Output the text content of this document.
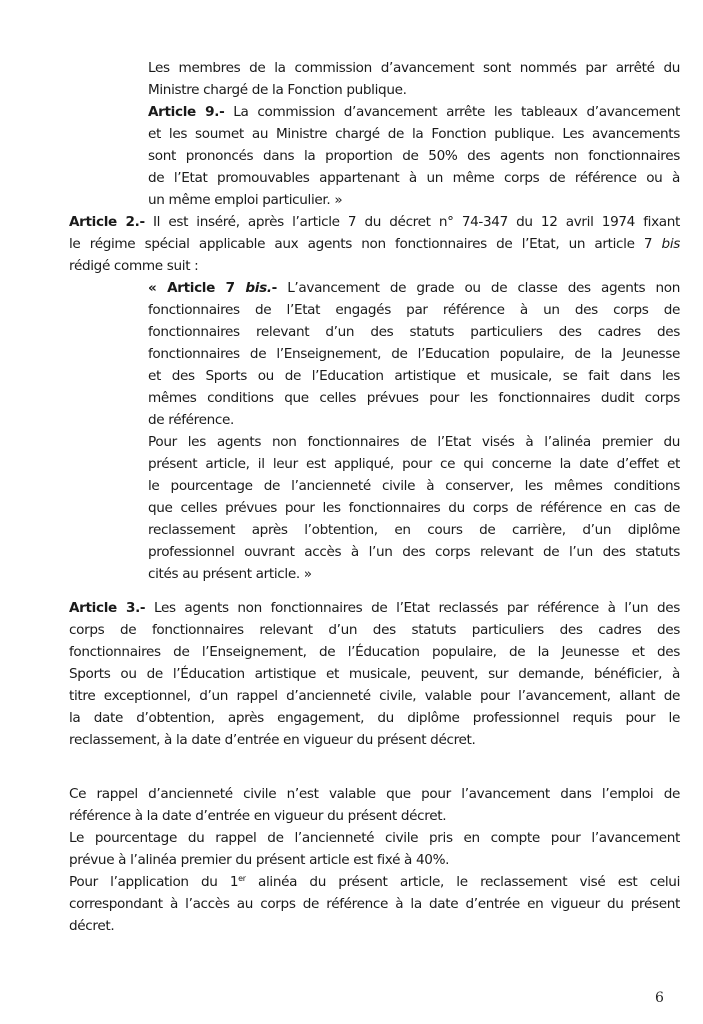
Les membres de la commission d’avancement sont nommés par arrêté du
Ministre chargé de la Fonction publique.

Article 9.- La commission d’avancement arrête les tableaux d’avancement
et les soumet au Ministre chargé de la Fonction publique. Les avancements
sont prononcés dans la proportion de 50% des agents non fonctionnaires
de l’Etat promouvables appartenant à un même corps de référence ou à
un même emploi particulier. »

Article 2.- Il est inséré, après l’article 7 du décret n° 74-347 du 12 avril 1974 fixant
le régime spécial applicable aux agents non fonctionnaires de l’Etat, un article 7 bis
rédigé comme suit :

« Article 7 bis.- L’avancement de grade ou de classe des agents non
fonctionnaires de l’Etat engagés par référence à un des corps de
fonctionnaires relevant d’un des statuts particuliers des cadres des
fonctionnaires de l’Enseignement, de l’Education populaire, de la Jeunesse
et des Sports ou de l’Education artistique et musicale, se fait dans les
mêmes conditions que celles prévues pour les fonctionnaires dudit corps
de référence.

Pour les agents non fonctionnaires de l’Etat visés à l’alinéa premier du
présent article, il leur est appliqué, pour ce qui concerne la date d’effet et
le pourcentage de l’ancienneté civile à conserver, les mêmes conditions
que celles prévues pour les fonctionnaires du corps de référence en cas de
reclassement après l’obtention, en cours de carrière, d’un diplôme
professionnel ouvrant accès à l’un des corps relevant de l’un des statuts
cités au présent article. »

Article 3.- Les agents non fonctionnaires de l’Etat reclassés par référence à l’un des
corps de fonctionnaires relevant d’un des statuts particuliers des cadres des
fonctionnaires de l’Enseignement, de l’Éducation populaire, de la Jeunesse et des
Sports ou de l’Éducation artistique et musicale, peuvent, sur demande, bénéficier, à
titre exceptionnel, d’un rappel d’ancienneté civile, valable pour l’avancement, allant de
la date d’obtention, après engagement, du diplôme professionnel requis pour le
reclassement, à la date d’entrée en vigueur du présent décret.

Ce rappel d’ancienneté civile n’est valable que pour l’avancement dans l’emploi de
référence à la date d’entrée en vigueur du présent décret.

Le pourcentage du rappel de l’ancienneté civile pris en compte pour l’avancement
prévue à l’alinéa premier du présent article est fixé à 40%.

Pour l’application du 1er alinéa du présent article, le reclassement visé est celui
correspondant à l’accès au corps de référence à la date d’entrée en vigueur du présent
décret.

6
